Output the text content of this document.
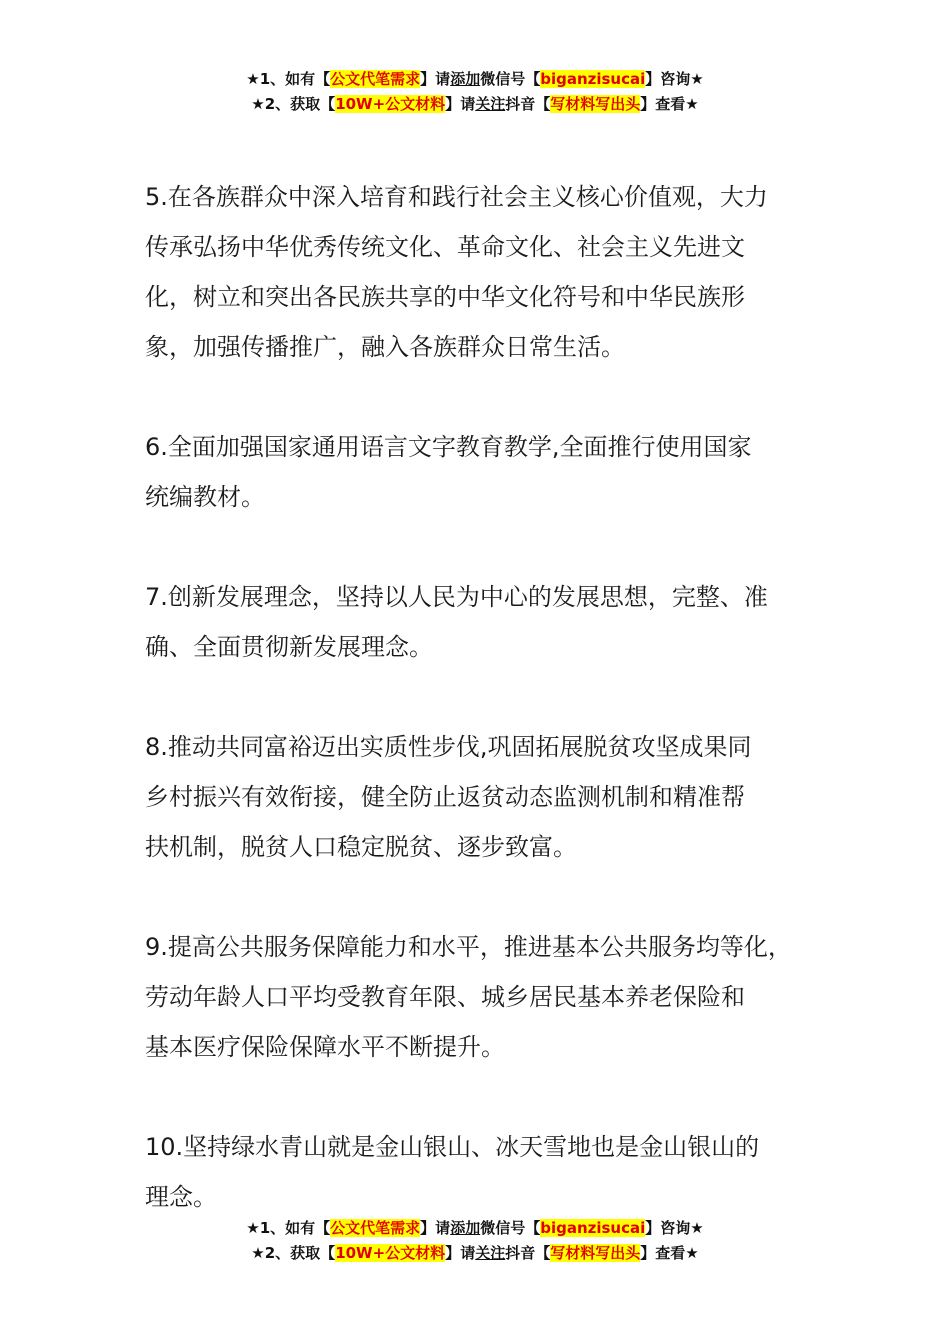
★1、如有【公文代笔需求】请添加微信号【biganzisucai】咨询★
★2、获取【10W+公文材料】请关注抖音【写材料写出头】查看★

5.在各族群众中深入培育和践行社会主义核心价值观，大力
传承弘扬中华优秀传统文化、革命文化、社会主义先进文
化，树立和突出各民族共享的中华文化符号和中华民族形
象，加强传播推广，融入各族群众日常生活。

6.全面加强国家通用语言文字教育教学,全面推行使用国家
统编教材。

7.创新发展理念，坚持以人民为中心的发展思想，完整、准
确、全面贯彻新发展理念。

8.推动共同富裕迈出实质性步伐,巩固拓展脱贫攻坚成果同
乡村振兴有效衔接，健全防止返贫动态监测机制和精准帮
扶机制，脱贫人口稳定脱贫、逐步致富。

9.提高公共服务保障能力和水平，推进基本公共服务均等化，
劳动年龄人口平均受教育年限、城乡居民基本养老保险和
基本医疗保险保障水平不断提升。

10.坚持绿水青山就是金山银山、冰天雪地也是金山银山的
理念。

★1、如有【公文代笔需求】请添加微信号【biganzisucai】咨询★
★2、获取【10W+公文材料】请关注抖音【写材料写出头】查看★
